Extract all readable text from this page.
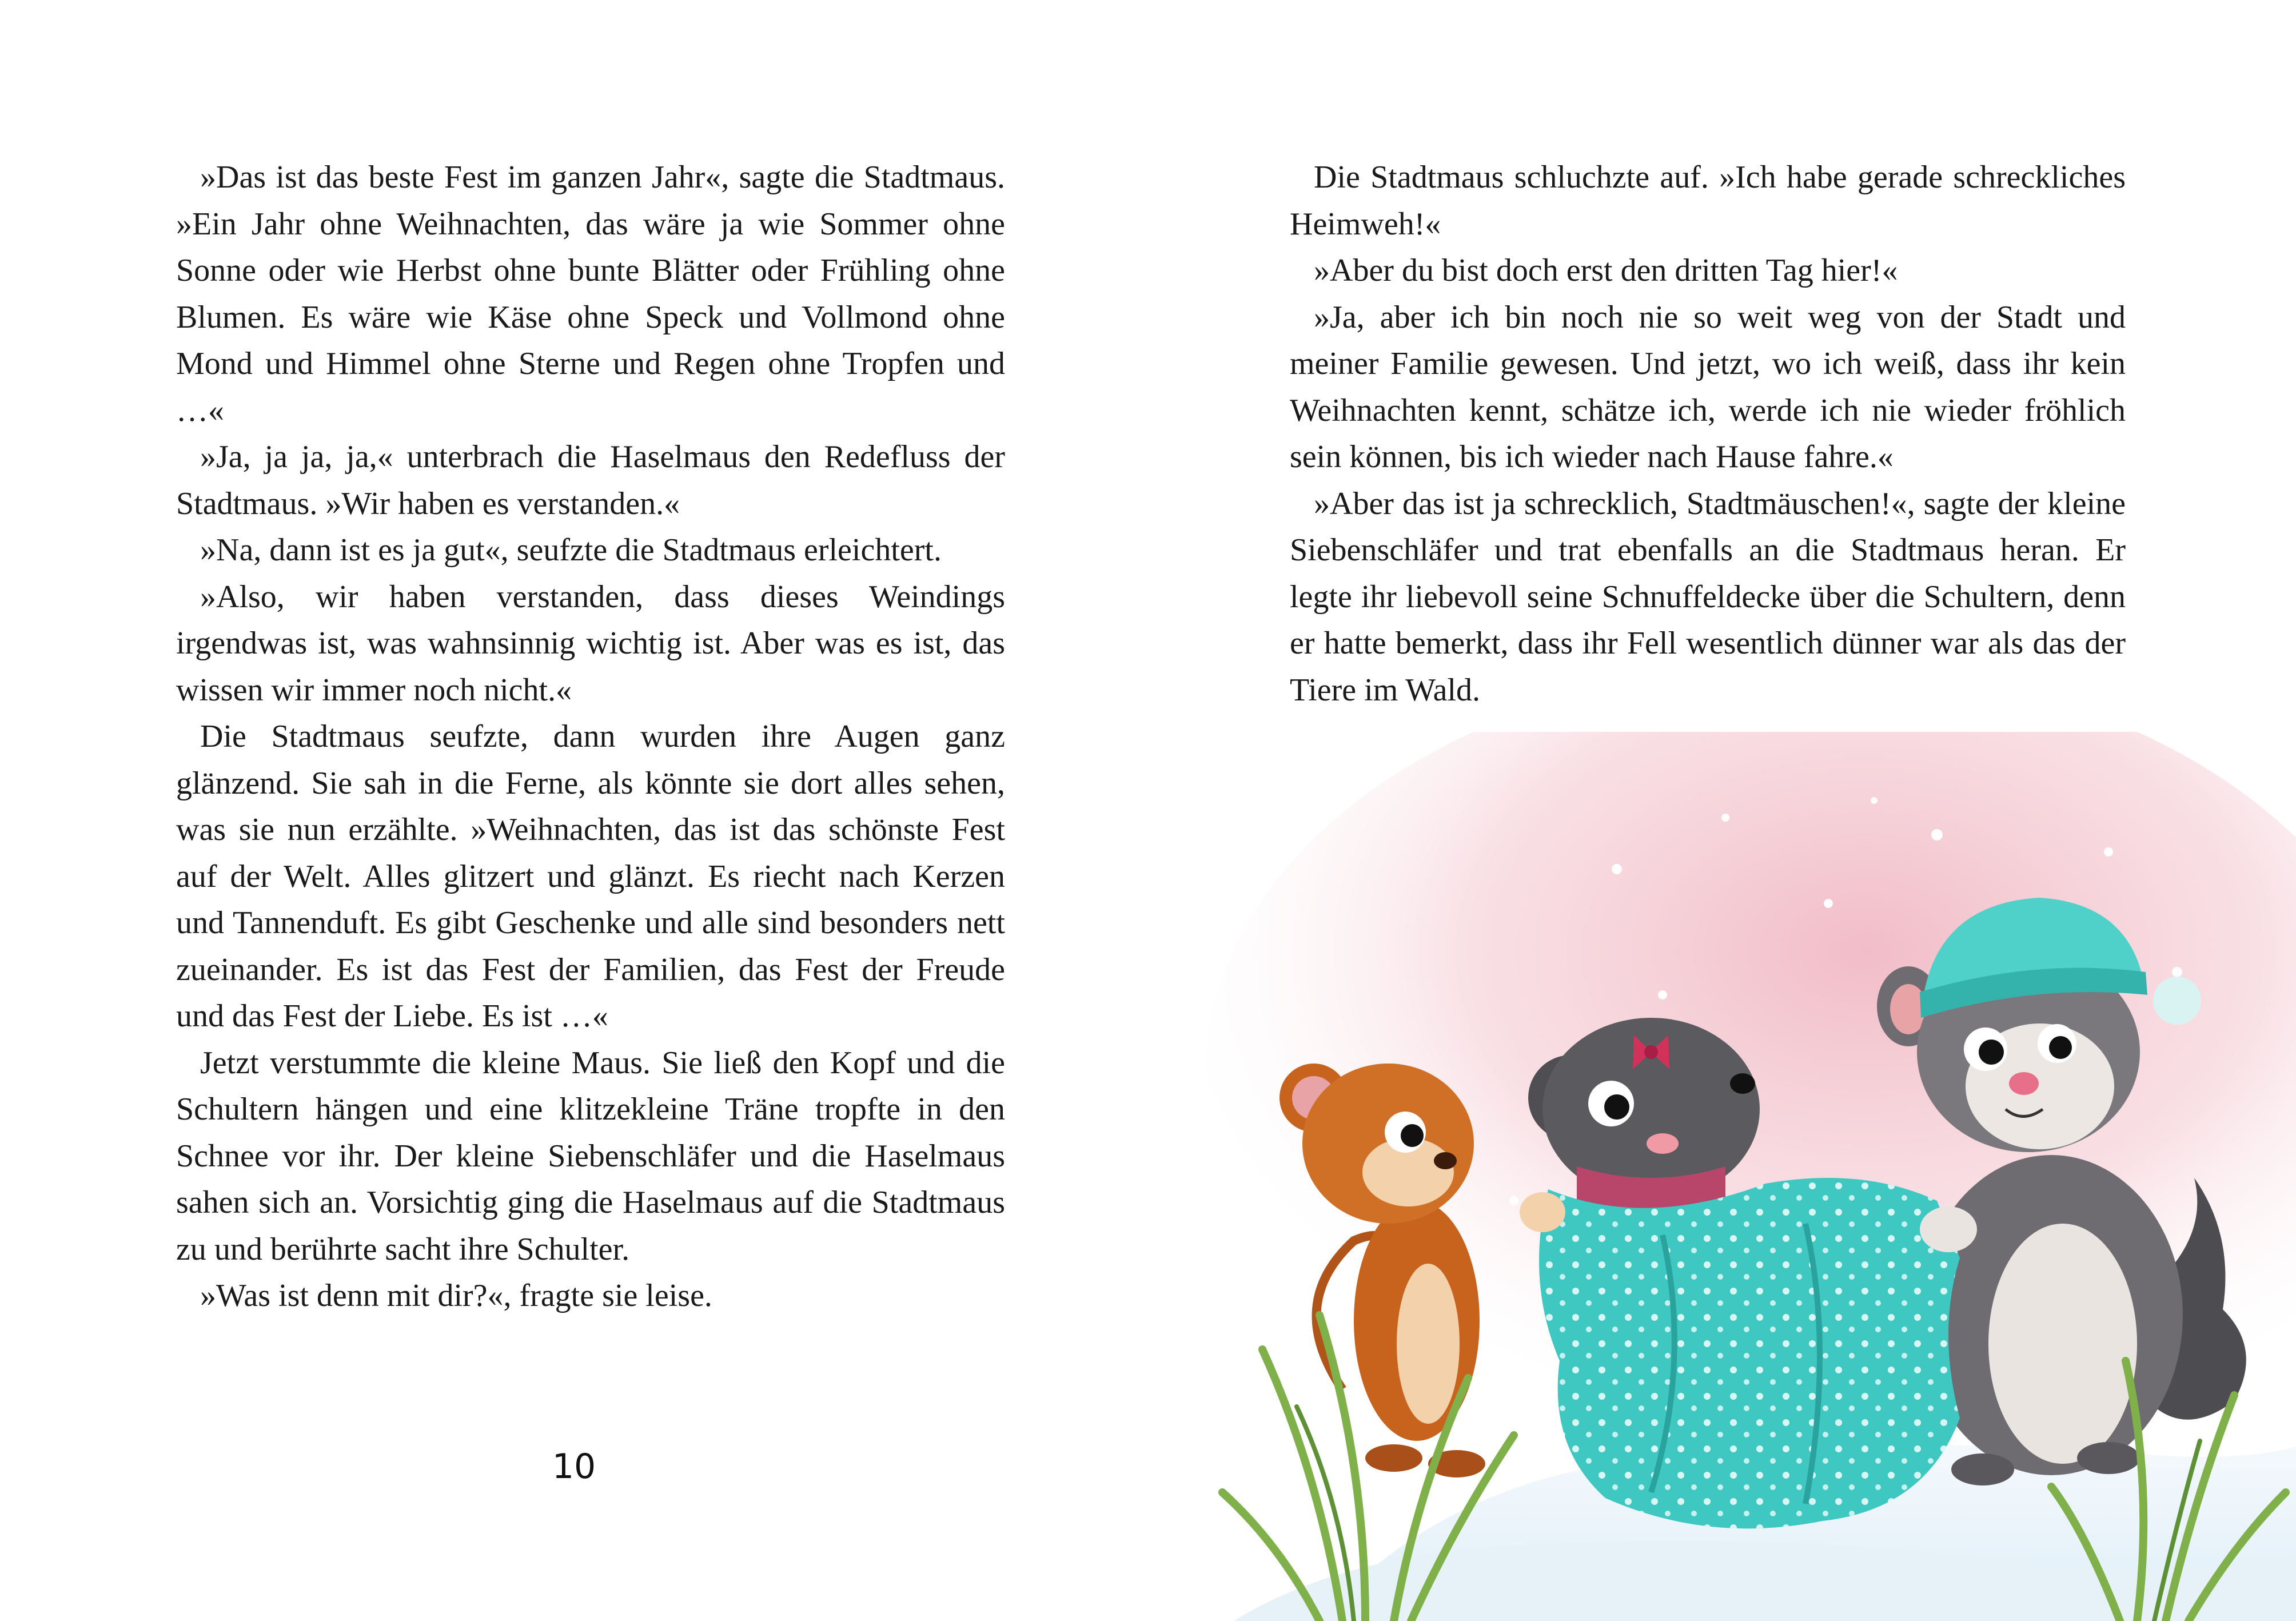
»Das ist das beste Fest im ganzen Jahr«, sagte die Stadtmaus. »Ein Jahr ohne Weihnachten, das wäre ja wie Sommer ohne Sonne oder wie Herbst ohne bunte Blätter oder Frühling ohne Blumen. Es wäre wie Käse ohne Speck und Vollmond ohne Mond und Himmel ohne Sterne und Regen ohne Tropfen und …«

»Ja, ja ja, ja,« unterbrach die Haselmaus den Redefluss der Stadtmaus. »Wir haben es verstanden.«

»Na, dann ist es ja gut«, seufzte die Stadtmaus erleichtert.

»Also, wir haben verstanden, dass dieses Weindings irgendwas ist, was wahnsinnig wichtig ist. Aber was es ist, das wissen wir immer noch nicht.«

Die Stadtmaus seufzte, dann wurden ihre Augen ganz glänzend. Sie sah in die Ferne, als könnte sie dort alles sehen, was sie nun erzählte. »Weihnachten, das ist das schönste Fest auf der Welt. Alles glitzert und glänzt. Es riecht nach Kerzen und Tannenduft. Es gibt Geschenke und alle sind besonders nett zueinander. Es ist das Fest der Familien, das Fest der Freude und das Fest der Liebe. Es ist …«

Jetzt verstummte die kleine Maus. Sie ließ den Kopf und die Schultern hängen und eine klitzekleine Träne tropfte in den Schnee vor ihr. Der kleine Siebenschläfer und die Haselmaus sahen sich an. Vorsichtig ging die Haselmaus auf die Stadtmaus zu und berührte sacht ihre Schulter.

»Was ist denn mit dir?«, fragte sie leise.

10

Die Stadtmaus schluchzte auf. »Ich habe gerade schreckliches Heimweh!«

»Aber du bist doch erst den dritten Tag hier!«

»Ja, aber ich bin noch nie so weit weg von der Stadt und meiner Familie gewesen. Und jetzt, wo ich weiß, dass ihr kein Weihnachten kennt, schätze ich, werde ich nie wieder fröhlich sein können, bis ich wieder nach Hause fahre.«

»Aber das ist ja schrecklich, Stadtmäuschen!«, sagte der kleine Siebenschläfer und trat ebenfalls an die Stadtmaus heran. Er legte ihr liebevoll seine Schnuffeldecke über die Schultern, denn er hatte bemerkt, dass ihr Fell wesentlich dünner war als das der Tiere im Wald.
